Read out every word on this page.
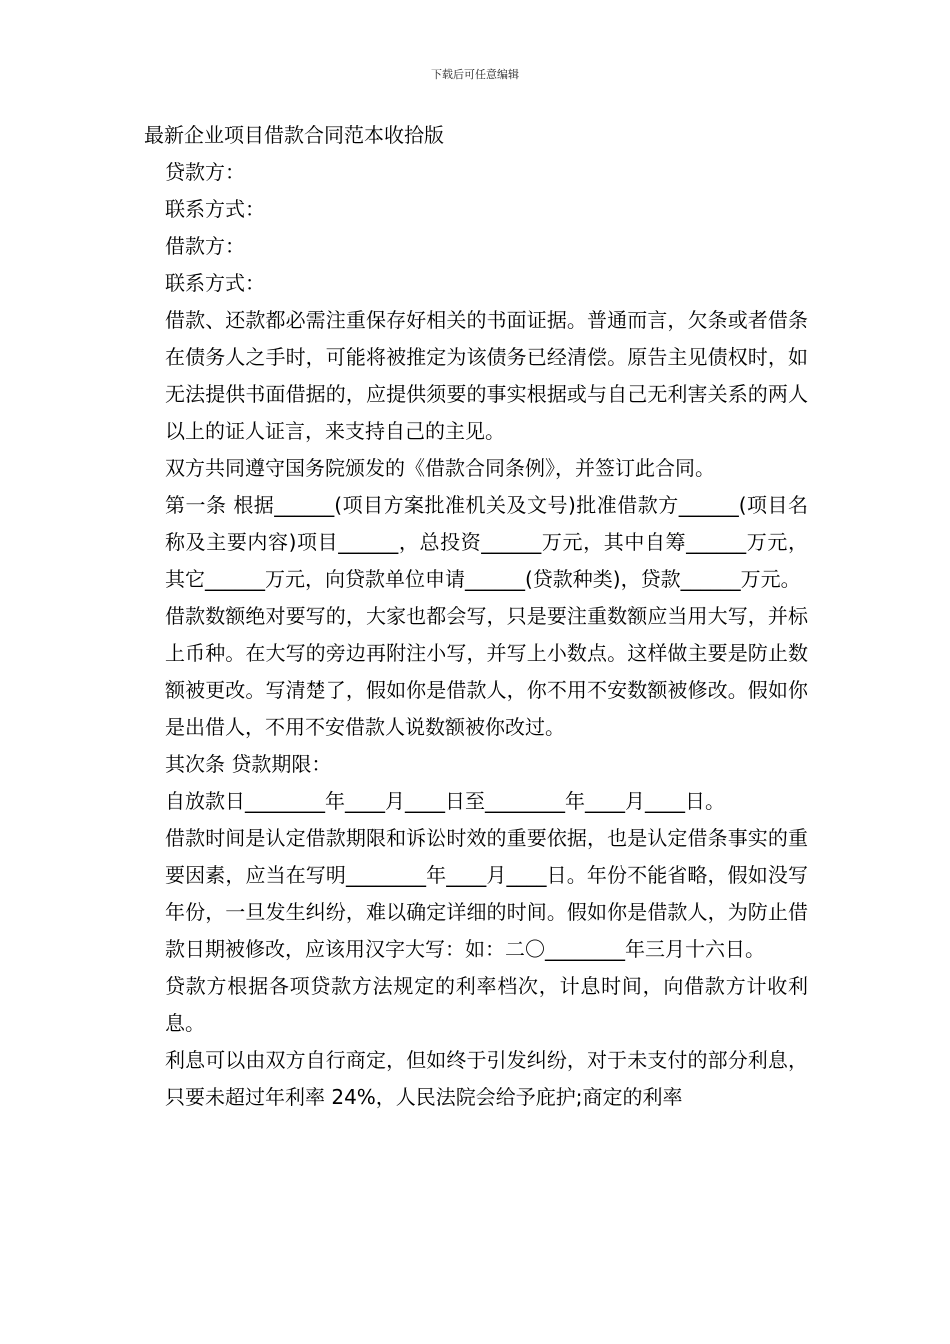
下载后可任意编辑

最新企业项目借款合同范本收拾版

贷款方：

联系方式：

借款方：

联系方式：

借款、还款都必需注重保存好相关的书面证据。普通而言，欠条或者借条在债务人之手时，可能将被推定为该债务已经清偿。原告主见债权时，如无法提供书面借据的，应提供须要的事实根据或与自己无利害关系的两人以上的证人证言，来支持自己的主见。

双方共同遵守国务院颁发的《借款合同条例》，并签订此合同。

第一条 根据______(项目方案批准机关及文号)批准借款方______(项目名称及主要内容)项目______，总投资______万元，其中自筹______万元，其它______万元，向贷款单位申请______(贷款种类)，贷款______万元。

借款数额绝对要写的，大家也都会写，只是要注重数额应当用大写，并标上币种。在大写的旁边再附注小写，并写上小数点。这样做主要是防止数额被更改。写清楚了，假如你是借款人，你不用不安数额被修改。假如你是出借人，不用不安借款人说数额被你改过。

其次条 贷款期限：

自放款日________年____月____日至________年____月____日。

借款时间是认定借款期限和诉讼时效的重要依据，也是认定借条事实的重要因素，应当在写明________年____月____日。年份不能省略，假如没写年份，一旦发生纠纷，难以确定详细的时间。假如你是借款人，为防止借款日期被修改，应该用汉字大写：如：二〇________年三月十六日。

贷款方根据各项贷款方法规定的利率档次，计息时间，向借款方计收利息。

利息可以由双方自行商定，但如终于引发纠纷，对于未支付的部分利息，只要未超过年利率 24%，人民法院会给予庇护;商定的利率
